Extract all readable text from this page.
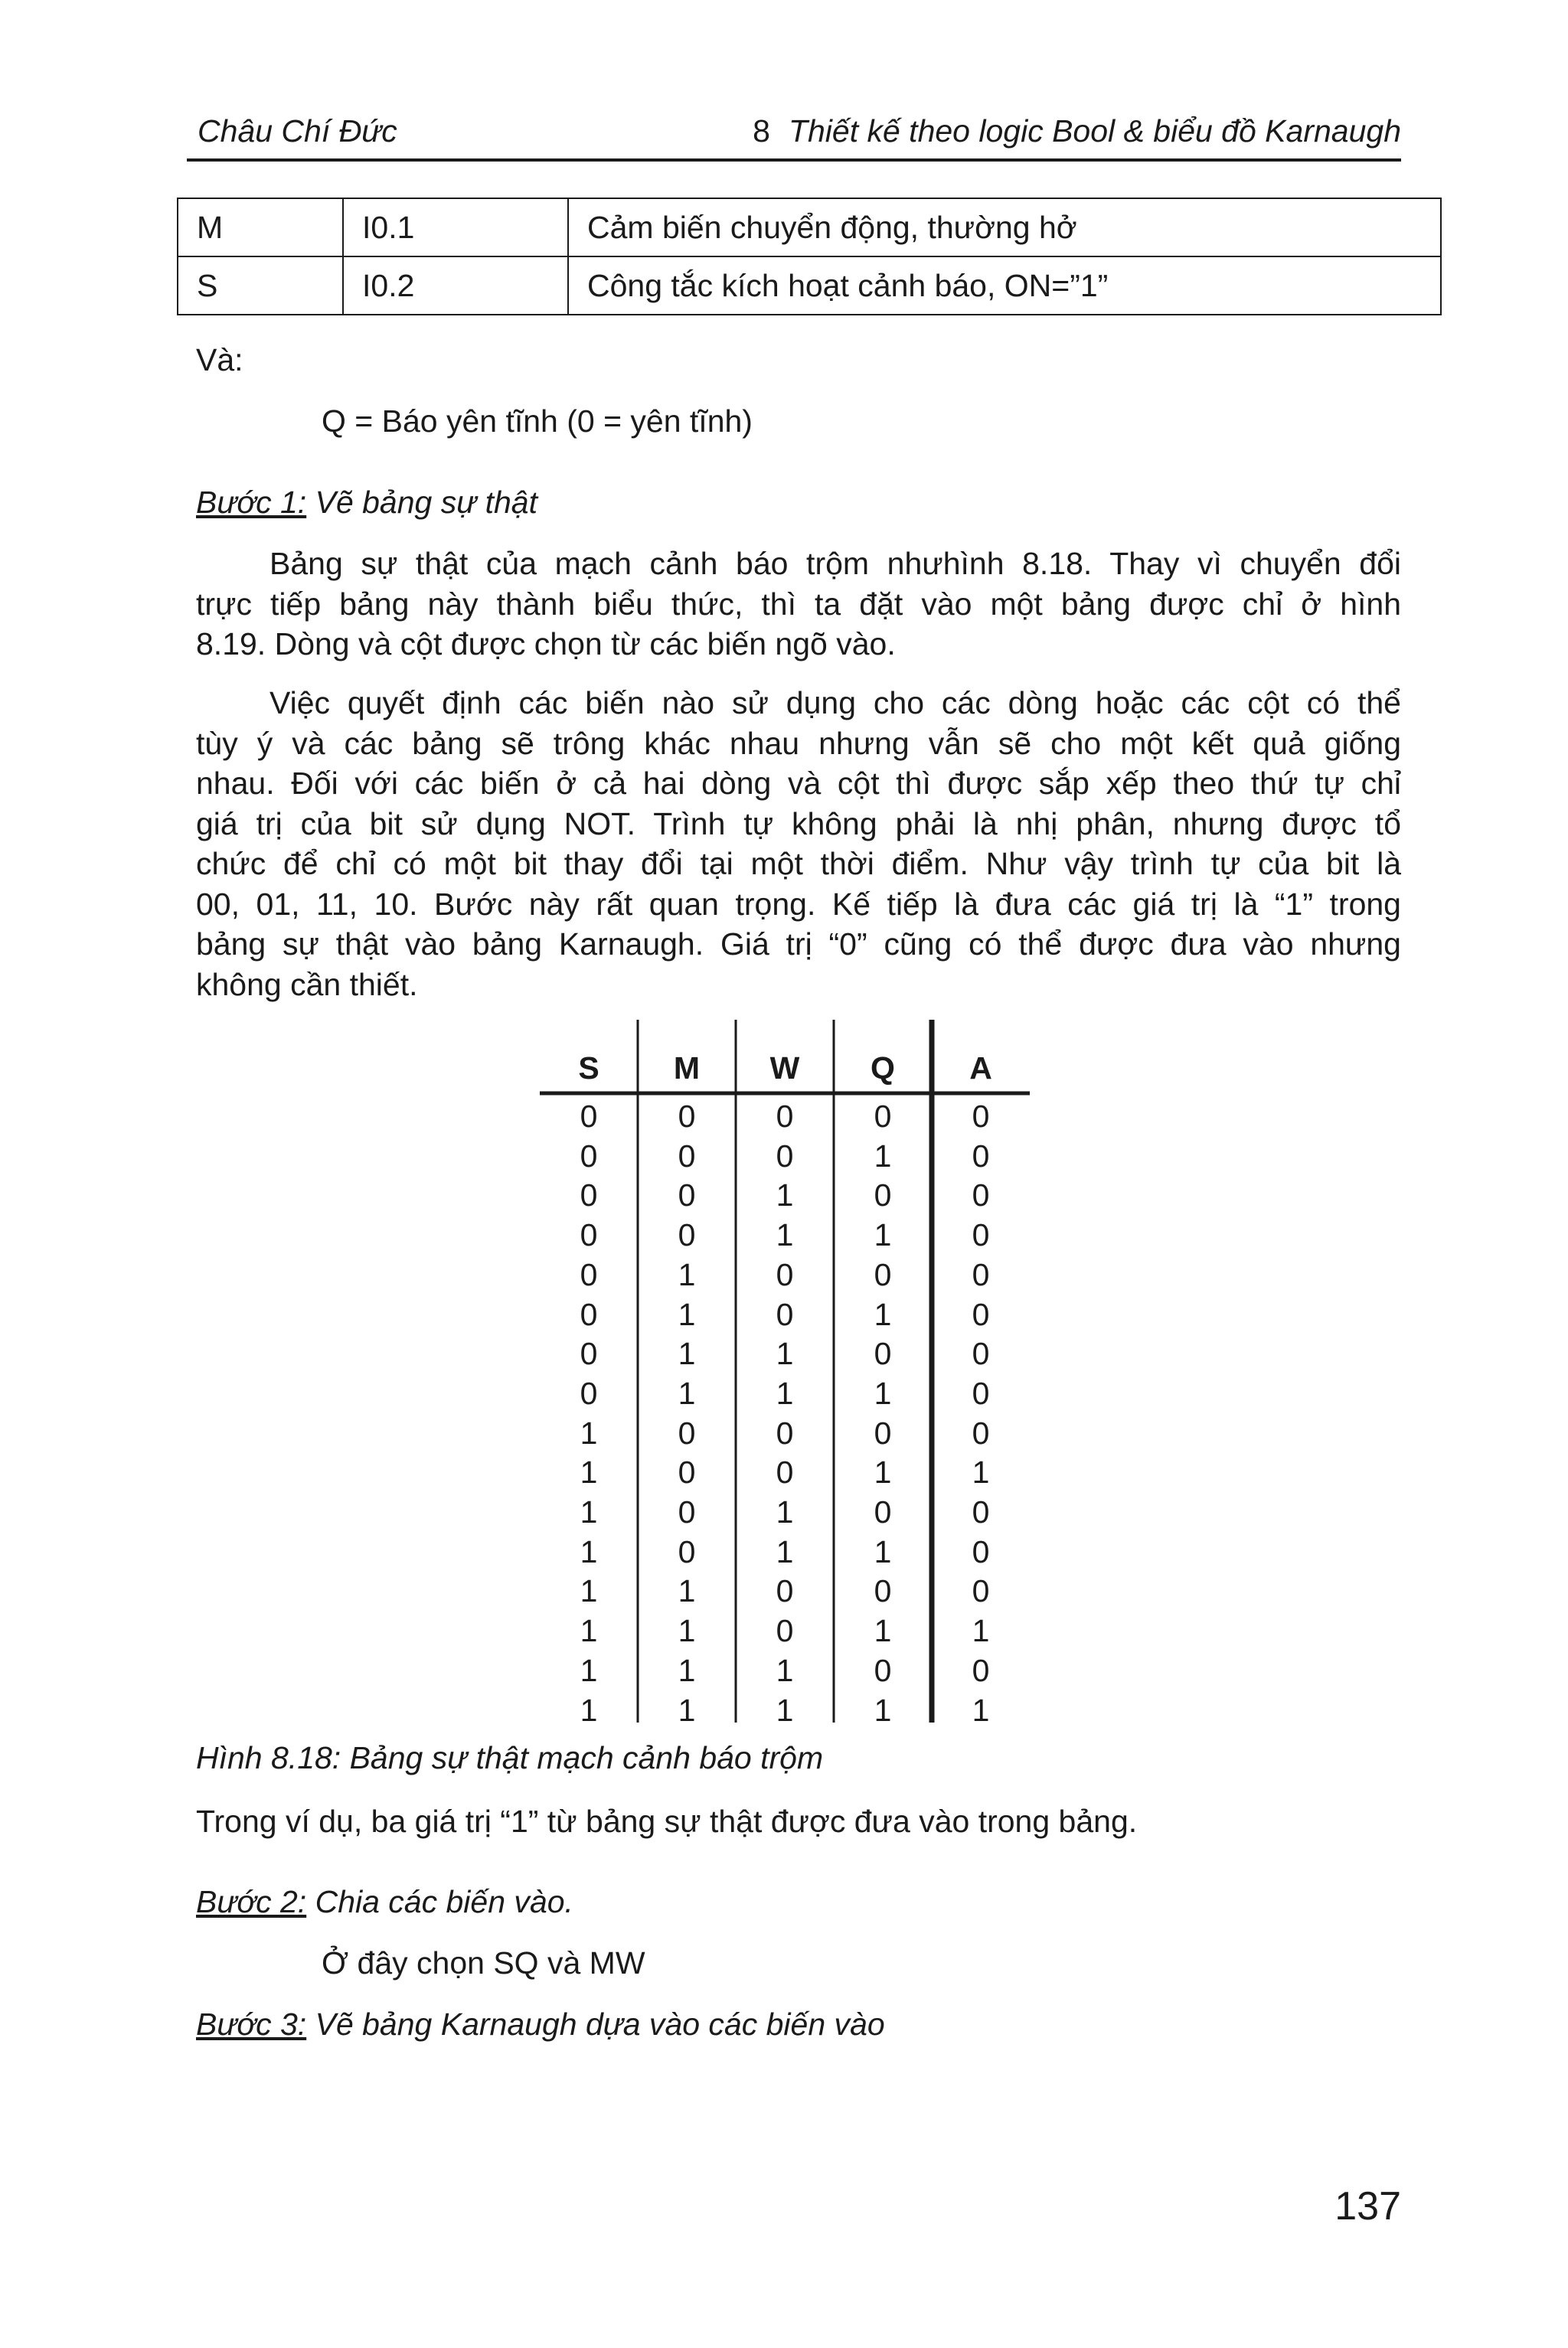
Châu Chí Đức	8 Thiết kế theo logic Bool & biểu đồ Karnaugh
M	I0.1	Cảm biến chuyển động, thường hở
S	I0.2	Công tắc kích hoạt cảnh báo, ON=”1”
Và:
Q = Báo yên tĩnh (0 = yên tĩnh)
Bước 1: Vẽ bảng sự thật
Bảng sự thật của mạch cảnh báo trộm nhưhình 8.18. Thay vì chuyển đổi
trực tiếp bảng này thành biểu thức, thì ta đặt vào một bảng được chỉ ở hình
8.19. Dòng và cột được chọn từ các biến ngõ vào.
Việc quyết định các biến nào sử dụng cho các dòng hoặc các cột có thể
tùy ý và các bảng sẽ trông khác nhau nhưng vẫn sẽ cho một kết quả giống
nhau. Đối với các biến ở cả hai dòng và cột thì được sắp xếp theo thứ tự chỉ
giá trị của bit sử dụng NOT. Trình tự không phải là nhị phân, nhưng được tổ
chức để chỉ có một bit thay đổi tại một thời điểm. Như vậy trình tự của bit là
00, 01, 11, 10. Bước này rất quan trọng. Kế tiếp là đưa các giá trị là “1” trong
bảng sự thật vào bảng Karnaugh. Giá trị “0” cũng có thể được đưa vào nhưng
không cần thiết.
S	M	W	Q	A
0	0	0	0	0
0	0	0	1	0
0	0	1	0	0
0	0	1	1	0
0	1	0	0	0
0	1	0	1	0
0	1	1	0	0
0	1	1	1	0
1	0	0	0	0
1	0	0	1	1
1	0	1	0	0
1	0	1	1	0
1	1	0	0	0
1	1	0	1	1
1	1	1	0	0
1	1	1	1	1
Hình 8.18: Bảng sự thật mạch cảnh báo trộm
Trong ví dụ, ba giá trị “1” từ bảng sự thật được đưa vào trong bảng.
Bước 2: Chia các biến vào.
Ở đây chọn SQ và MW
Bước 3: Vẽ bảng Karnaugh dựa vào các biến vào
137
